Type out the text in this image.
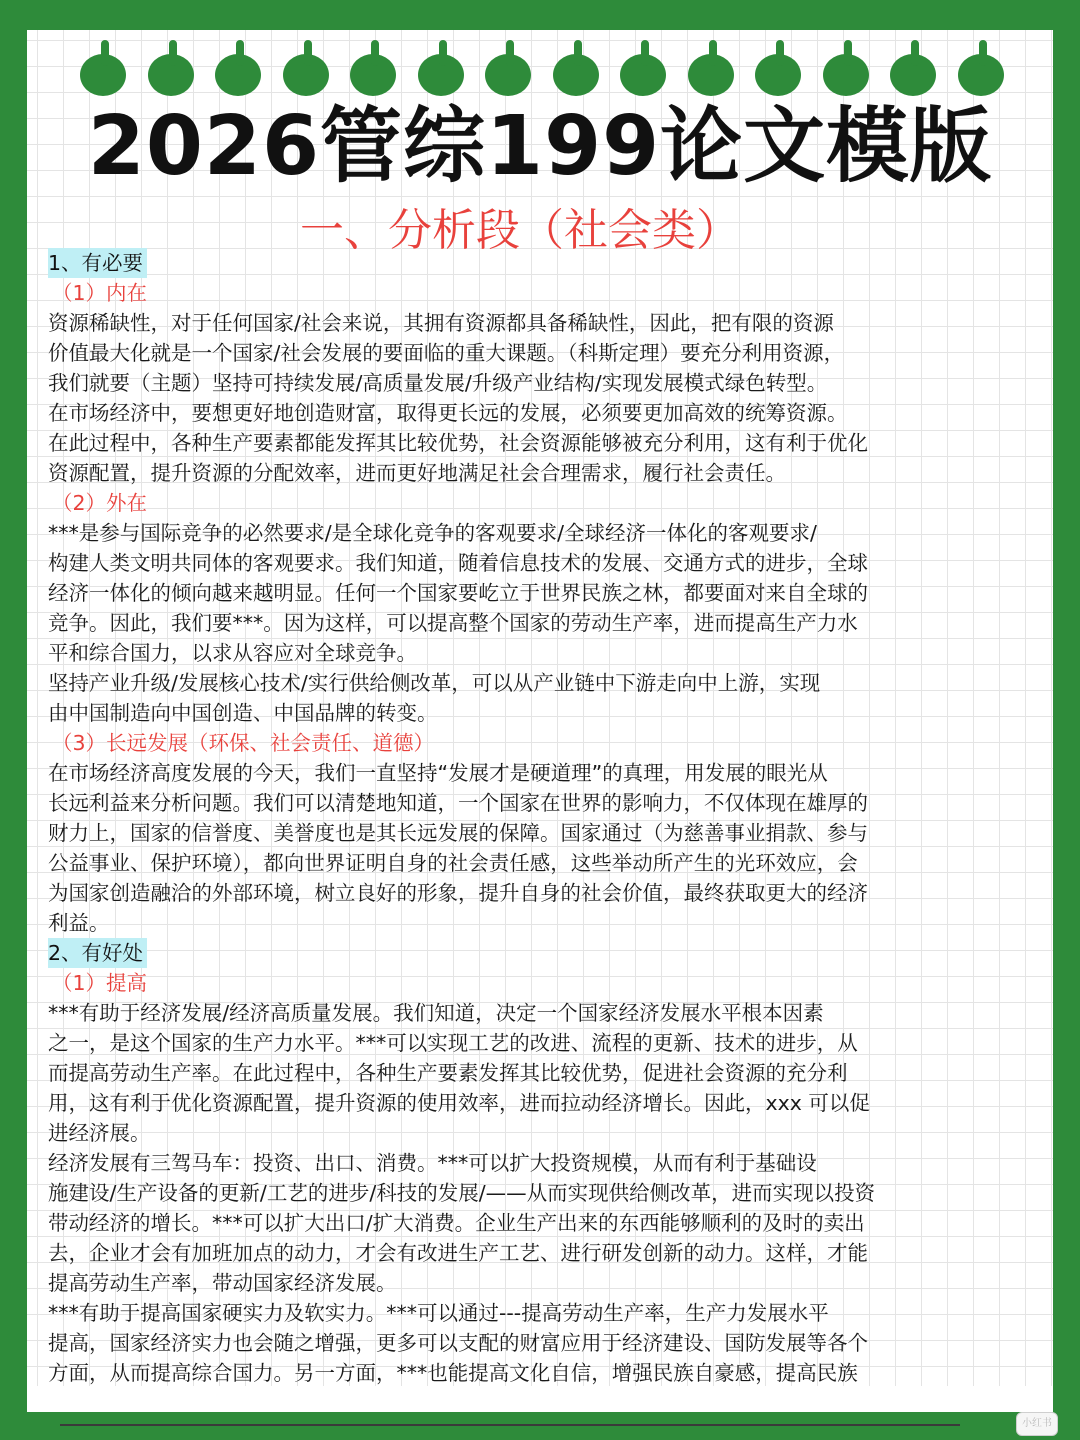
2026管综199论文模版
一、分析段（社会类）

1、有必要

（1）内在

资源稀缺性，对于任何国家/社会来说，其拥有资源都具备稀缺性，因此，把有限的资源

价值最大化就是一个国家/社会发展的要面临的重大课题。（科斯定理）要充分利用资源，

我们就要（主题）坚持可持续发展/高质量发展/升级产业结构/实现发展模式绿色转型。

在市场经济中，要想更好地创造财富，取得更长远的发展，必须要更加高效的统筹资源。

在此过程中，各种生产要素都能发挥其比较优势，社会资源能够被充分利用，这有利于优化

资源配置，提升资源的分配效率，进而更好地满足社会合理需求，履行社会责任。

（2）外在

***是参与国际竞争的必然要求/是全球化竞争的客观要求/全球经济一体化的客观要求/

构建人类文明共同体的客观要求。我们知道，随着信息技术的发展、交通方式的进步，全球

经济一体化的倾向越来越明显。任何一个国家要屹立于世界民族之林，都要面对来自全球的

竞争。因此，我们要***。因为这样，可以提高整个国家的劳动生产率，进而提高生产力水

平和综合国力，以求从容应对全球竞争。

坚持产业升级/发展核心技术/实行供给侧改革，可以从产业链中下游走向中上游，实现

由中国制造向中国创造、中国品牌的转变。

（3）长远发展（环保、社会责任、道德）

在市场经济高度发展的今天，我们一直坚持“发展才是硬道理”的真理，用发展的眼光从

长远利益来分析问题。我们可以清楚地知道，一个国家在世界的影响力，不仅体现在雄厚的

财力上，国家的信誉度、美誉度也是其长远发展的保障。国家通过（为慈善事业捐款、参与

公益事业、保护环境），都向世界证明自身的社会责任感，这些举动所产生的光环效应，会

为国家创造融洽的外部环境，树立良好的形象，提升自身的社会价值，最终获取更大的经济

利益。

2、有好处

（1）提高

***有助于经济发展/经济高质量发展。我们知道，决定一个国家经济发展水平根本因素

之一，是这个国家的生产力水平。***可以实现工艺的改进、流程的更新、技术的进步，从

而提高劳动生产率。在此过程中，各种生产要素发挥其比较优势，促进社会资源的充分利

用，这有利于优化资源配置，提升资源的使用效率，进而拉动经济增长。因此，xxx 可以促

进经济展。

经济发展有三驾马车：投资、出口、消费。***可以扩大投资规模，从而有利于基础设

施建设/生产设备的更新/工艺的进步/科技的发展/——从而实现供给侧改革，进而实现以投资

带动经济的增长。***可以扩大出口/扩大消费。企业生产出来的东西能够顺利的及时的卖出

去，企业才会有加班加点的动力，才会有改进生产工艺、进行研发创新的动力。这样，才能

提高劳动生产率，带动国家经济发展。

***有助于提高国家硬实力及软实力。***可以通过---提高劳动生产率，生产力发展水平

提高，国家经济实力也会随之增强，更多可以支配的财富应用于经济建设、国防发展等各个

方面，从而提高综合国力。另一方面，***也能提高文化自信，增强民族自豪感，提高民族

小红书
